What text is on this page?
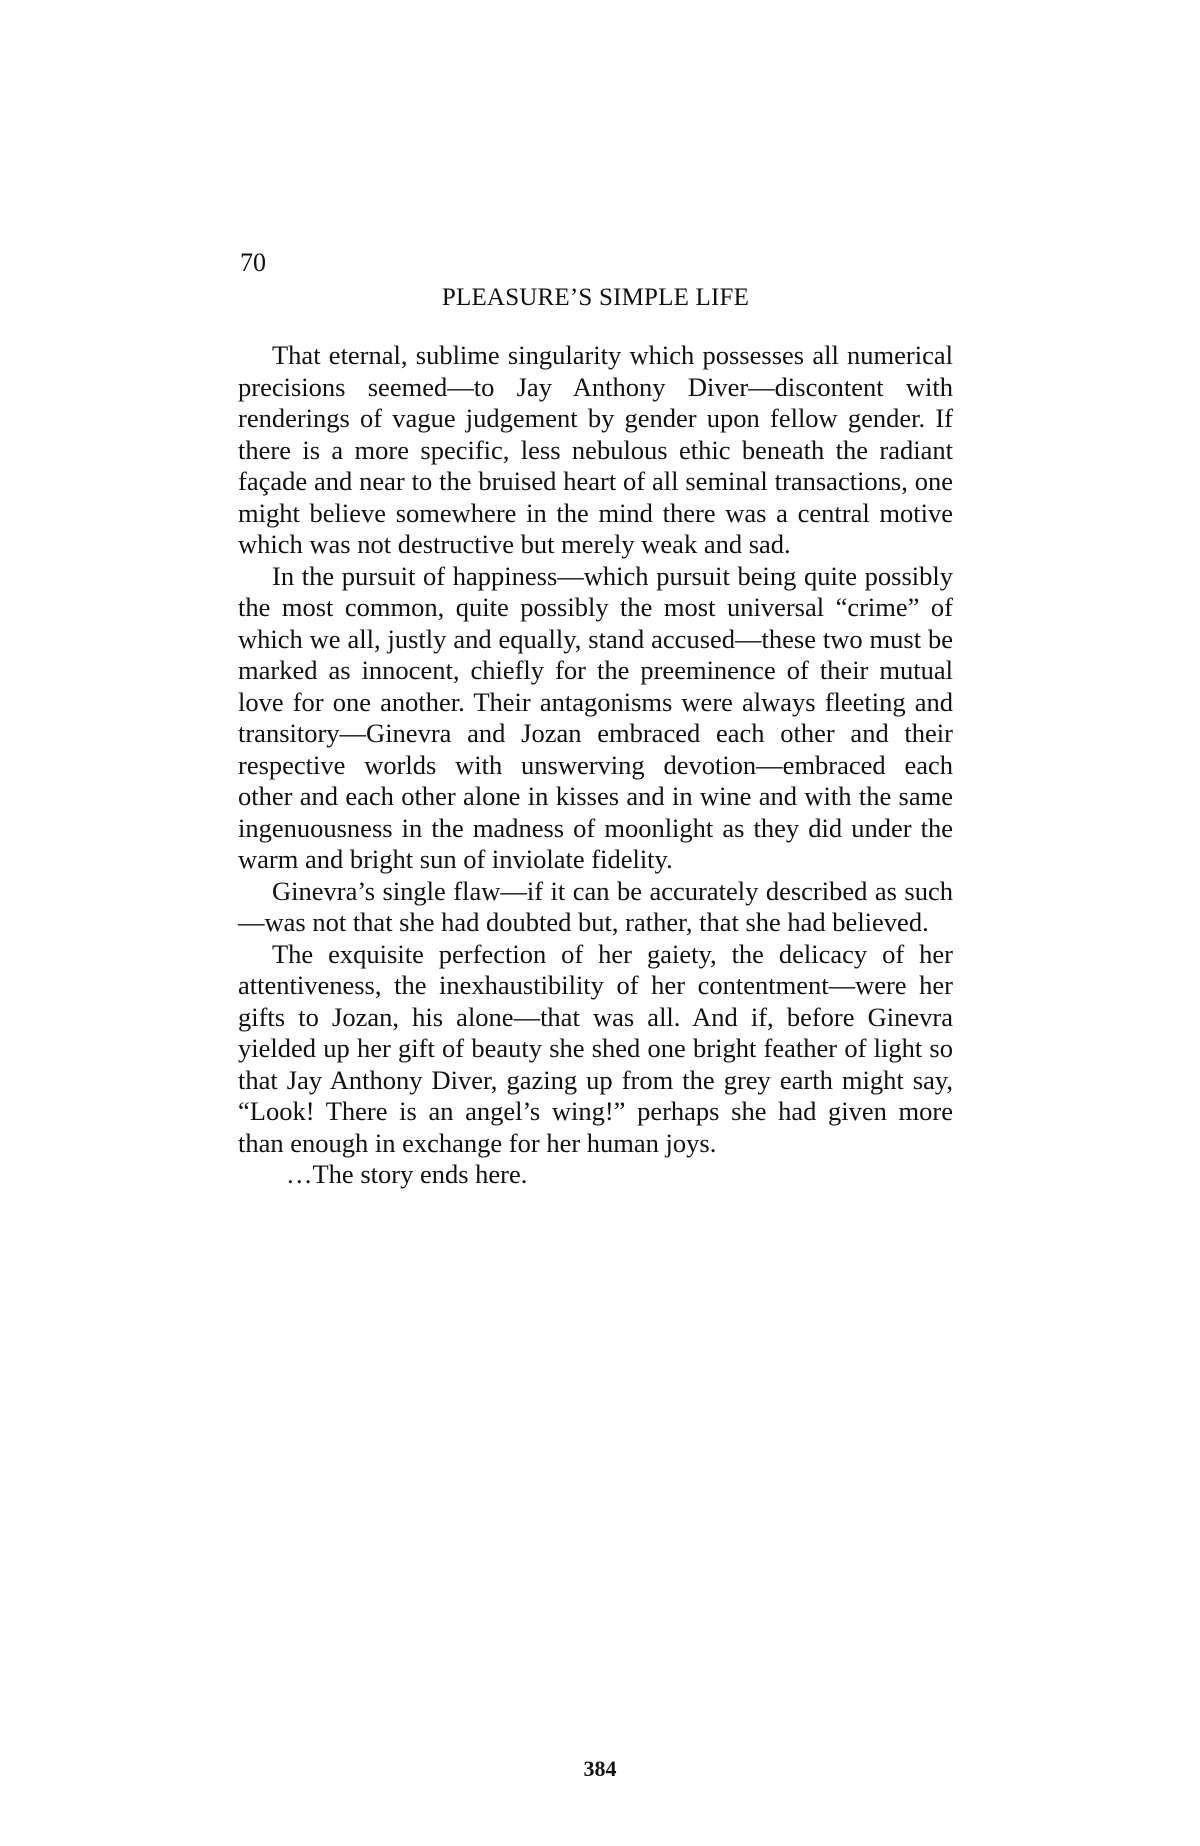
70
PLEASURE’S SIMPLE LIFE

That eternal, sublime singularity which possesses all numerical precisions seemed—to Jay Anthony Diver—discontent with renderings of vague judgement by gender upon fellow gender. If there is a more specific, less nebulous ethic beneath the radiant façade and near to the bruised heart of all seminal transactions, one might believe somewhere in the mind there was a central motive which was not destructive but merely weak and sad.

In the pursuit of happiness—which pursuit being quite possibly the most common, quite possibly the most universal “crime” of which we all, justly and equally, stand accused—these two must be marked as innocent, chiefly for the preeminence of their mutual love for one another. Their antagonisms were always fleeting and transitory—Ginevra and Jozan embraced each other and their respective worlds with unswerving devotion—embraced each other and each other alone in kisses and in wine and with the same ingenuousness in the madness of moonlight as they did under the warm and bright sun of inviolate fidelity.

Ginevra’s single flaw—if it can be accurately described as such—was not that she had doubted but, rather, that she had believed.

The exquisite perfection of her gaiety, the delicacy of her attentiveness, the inexhaustibility of her contentment—were her gifts to Jozan, his alone—that was all. And if, before Ginevra yielded up her gift of beauty she shed one bright feather of light so that Jay Anthony Diver, gazing up from the grey earth might say, “Look! There is an angel’s wing!” perhaps she had given more than enough in exchange for her human joys.

…The story ends here.

384
